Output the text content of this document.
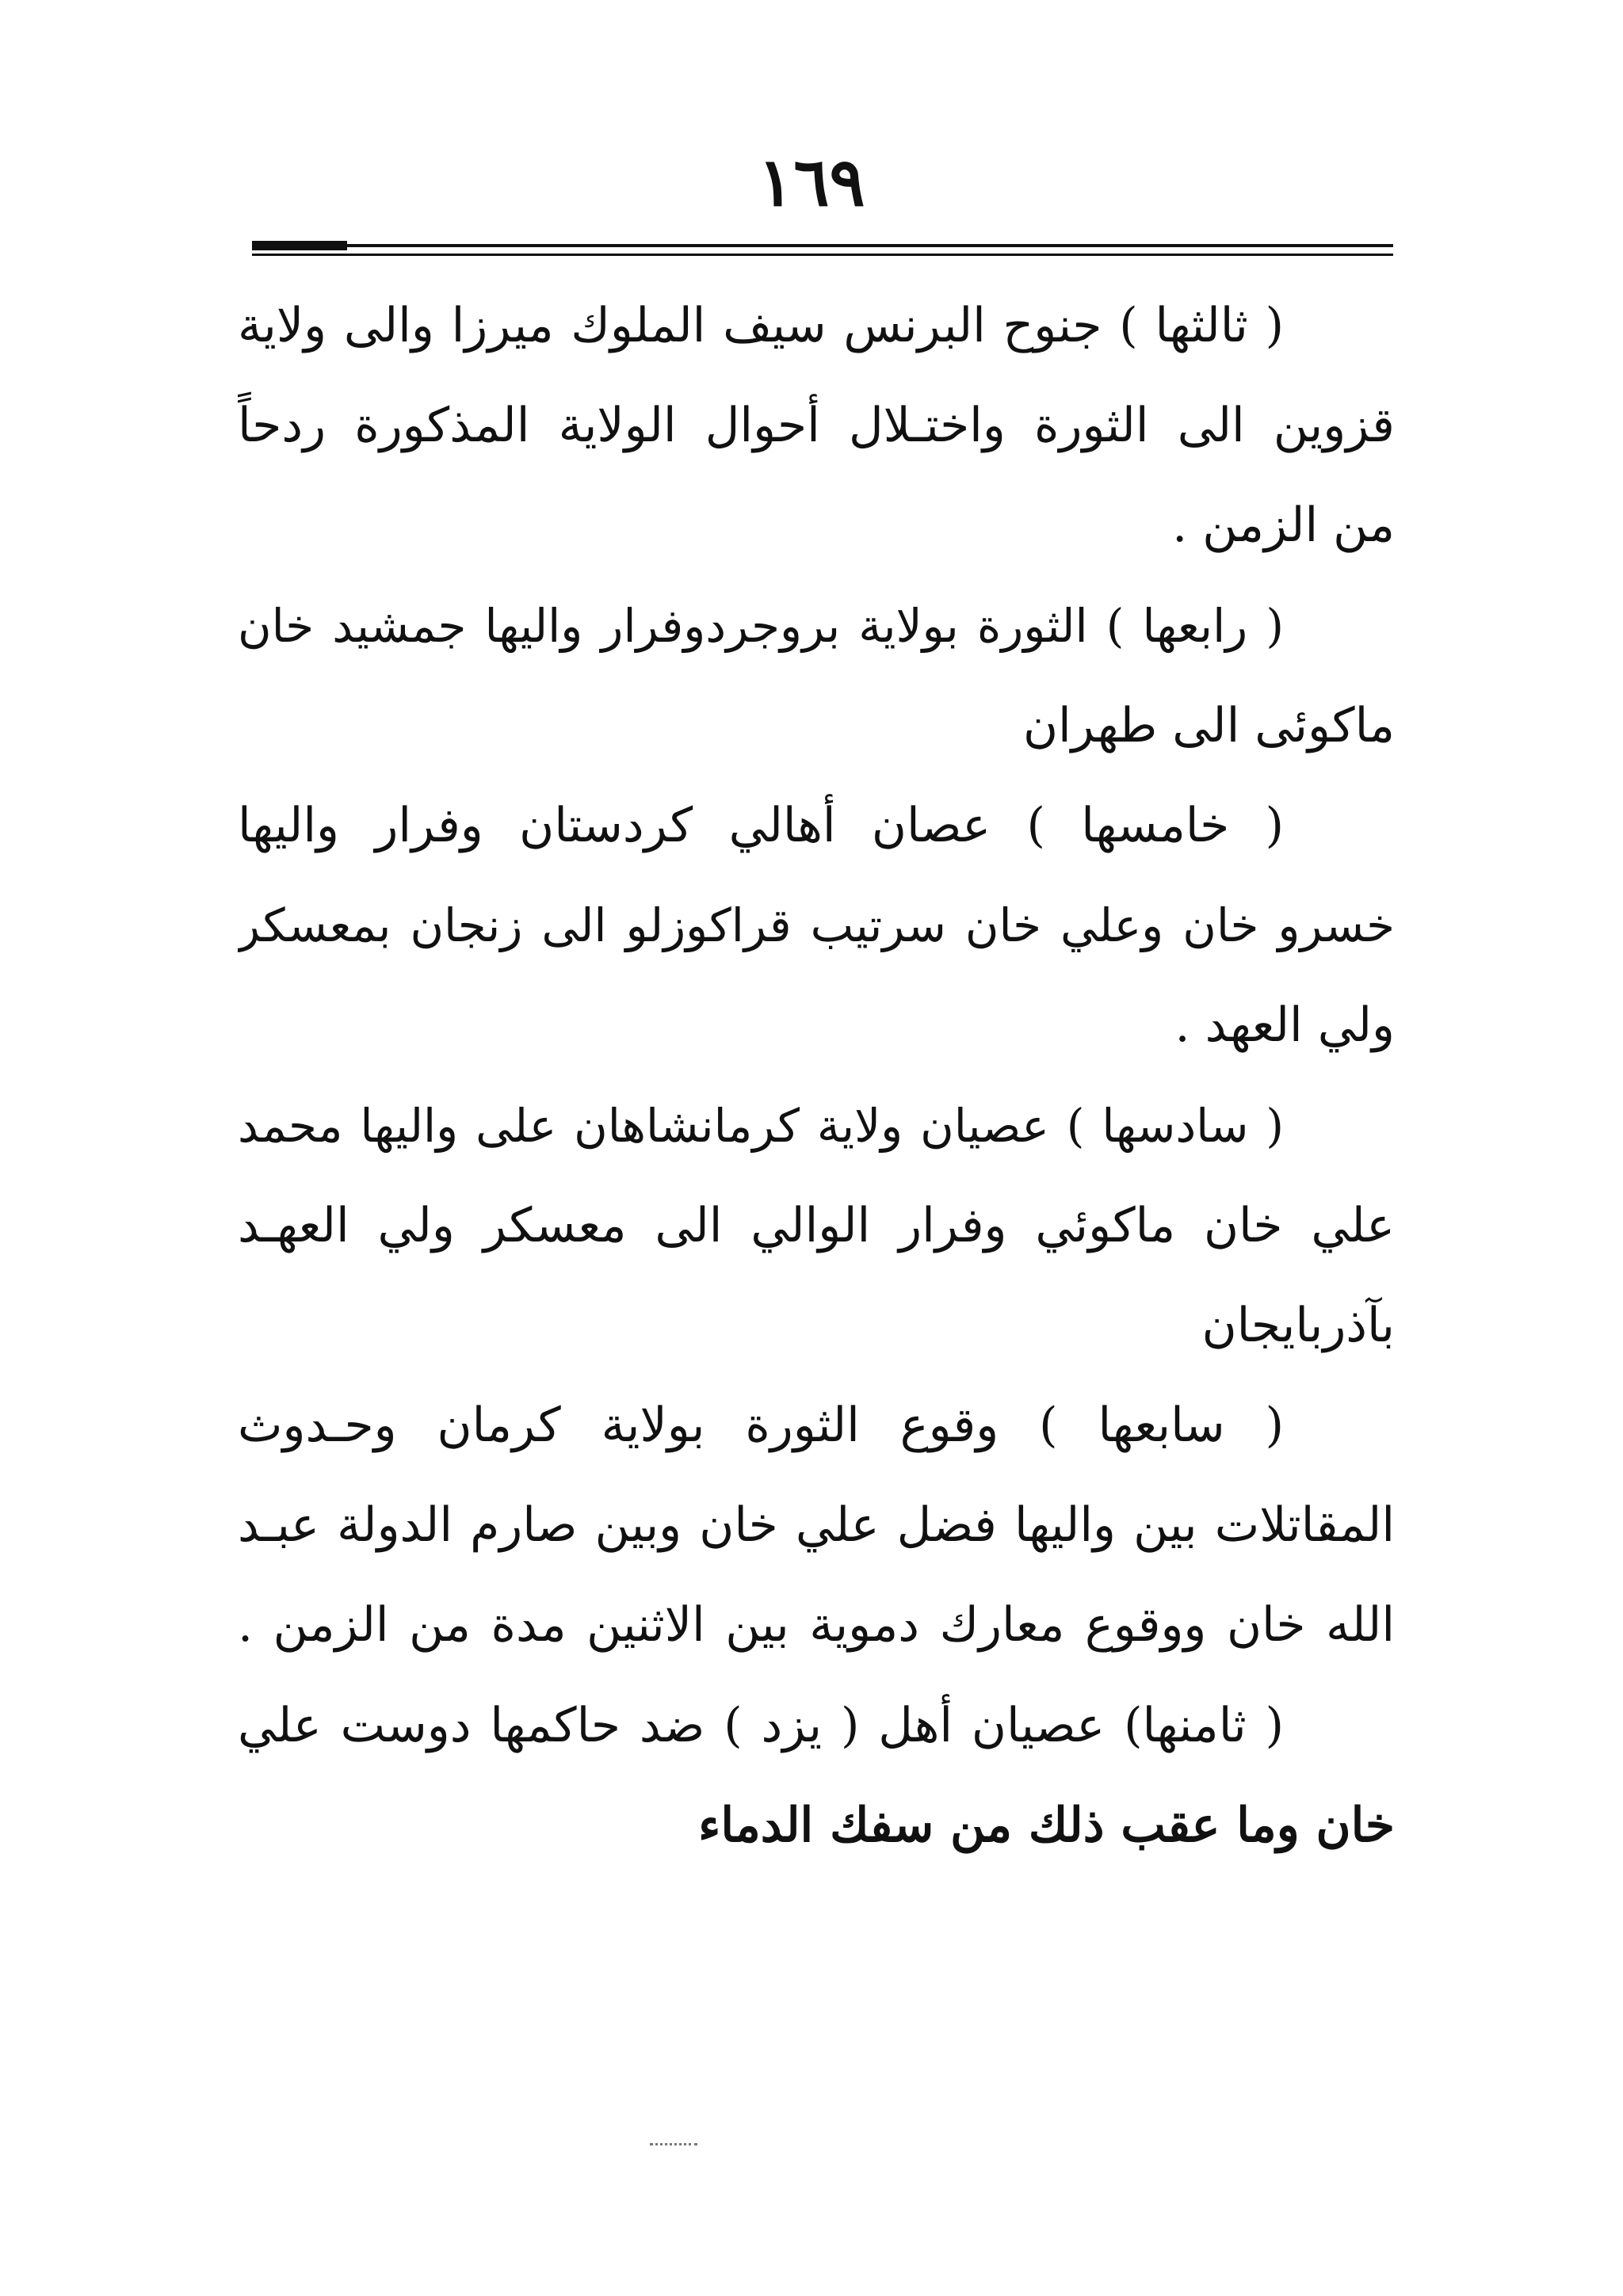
١٦٩
( ثالثها ) جنوح البرنس سيف الملوك ميرزا والى ولاية
قزوين الى الثورة واختـلال أحوال الولاية المذكورة ردحاً
من الزمن .
( رابعها ) الثورة بولاية بروجردوفرار واليها جمشيد خان
ماكوئى الى طهران
( خامسها ) عصان أهالي كردستان وفرار واليها
خسرو خان وعلي خان سرتيب قراكوزلو الى زنجان بمعسكر
ولي العهد .
( سادسها ) عصيان ولاية كرمانشاهان على واليها محمد
علي خان ماكوئي وفرار الوالي الى معسكر ولي العهـد
بآذربايجان
( سابعها ) وقوع الثورة بولاية كرمان وحـدوث
المقاتلات بين واليها فضل علي خان وبين صارم الدولة عبـد
الله خان ووقوع معارك دموية بين الاثنين مدة من الزمن .
( ثامنها) عصيان أهل ( يزد ) ضد حاكمها دوست علي
خان وما عقب ذلك من سفك الدماء
